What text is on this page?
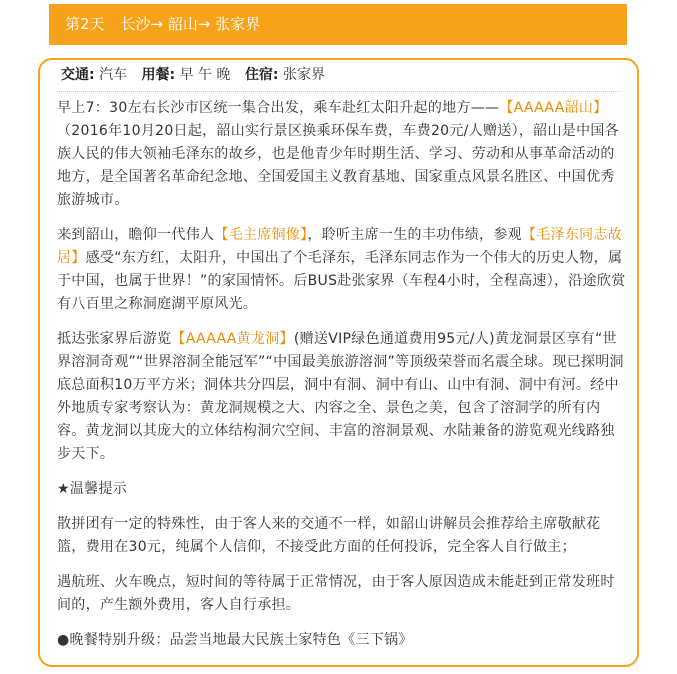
第2天 长沙→ 韶山→ 张家界
交通: 汽车 用餐: 早 午 晚 住宿: 张家界

早上7：30左右长沙市区统一集合出发，乘车赴红太阳升起的地方——【AAAAA韶山】（2016年10月20日起，韶山实行景区换乘环保车费，车费20元/人赠送），韶山是中国各族人民的伟大领袖毛泽东的故乡，也是他青少年时期生活、学习、劳动和从事革命活动的地方，是全国著名革命纪念地、全国爱国主义教育基地、国家重点风景名胜区、中国优秀旅游城市。

来到韶山，瞻仰一代伟人【毛主席铜像】，聆听主席一生的丰功伟绩，参观【毛泽东同志故居】感受“东方红，太阳升，中国出了个毛泽东，毛泽东同志作为一个伟大的历史人物，属于中国，也属于世界！”的家国情怀。后BUS赴张家界（车程4小时，全程高速），沿途欣赏有八百里之称洞庭湖平原风光。

抵达张家界后游览【AAAAA黄龙洞】(赠送VIP绿色通道费用95元/人)黄龙洞景区享有“世界溶洞奇观”“世界溶洞全能冠军”“中国最美旅游溶洞”等顶级荣誉而名震全球。现已探明洞底总面积10万平方米；洞体共分四层，洞中有洞、洞中有山、山中有洞、洞中有河。经中外地质专家考察认为：黄龙洞规模之大、内容之全、景色之美，包含了溶洞学的所有内容。黄龙洞以其庞大的立体结构洞穴空间、丰富的溶洞景观、水陆兼备的游览观光线路独步天下。

★温馨提示

散拼团有一定的特殊性，由于客人来的交通不一样，如韶山讲解员会推荐给主席敬献花篮，费用在30元，纯属个人信仰，不接受此方面的任何投诉，完全客人自行做主；

遇航班、火车晚点，短时间的等待属于正常情况，由于客人原因造成未能赶到正常发班时间的，产生额外费用，客人自行承担。

●晚餐特别升级：品尝当地最大民族土家特色《三下锅》
